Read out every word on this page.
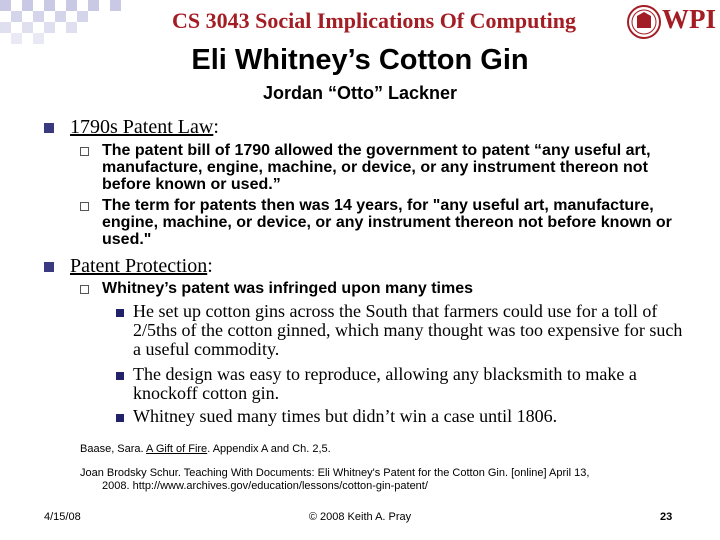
CS 3043 Social Implications Of Computing	WPI
Eli Whitney’s Cotton Gin
Jordan “Otto” Lackner
1790s Patent Law:
The patent bill of 1790 allowed the government to patent “any useful art, manufacture, engine, machine, or device, or any instrument thereon not before known or used.”
The term for patents then was 14 years, for "any useful art, manufacture, engine, machine, or device, or any instrument thereon not before known or used."
Patent Protection:
Whitney’s patent was infringed upon many times
He set up cotton gins across the South that farmers could use for a toll of 2/5ths of the cotton ginned, which many thought was too expensive for such a useful commodity.
The design was easy to reproduce, allowing any blacksmith to make a knockoff cotton gin.
Whitney sued many times but didn’t win a case until 1806.
Baase, Sara. A Gift of Fire. Appendix A and Ch. 2,5.
Joan Brodsky Schur. Teaching With Documents: Eli Whitney's Patent for the Cotton Gin. [online] April 13,
2008. http://www.archives.gov/education/lessons/cotton-gin-patent/
4/15/08	© 2008 Keith A. Pray	23
